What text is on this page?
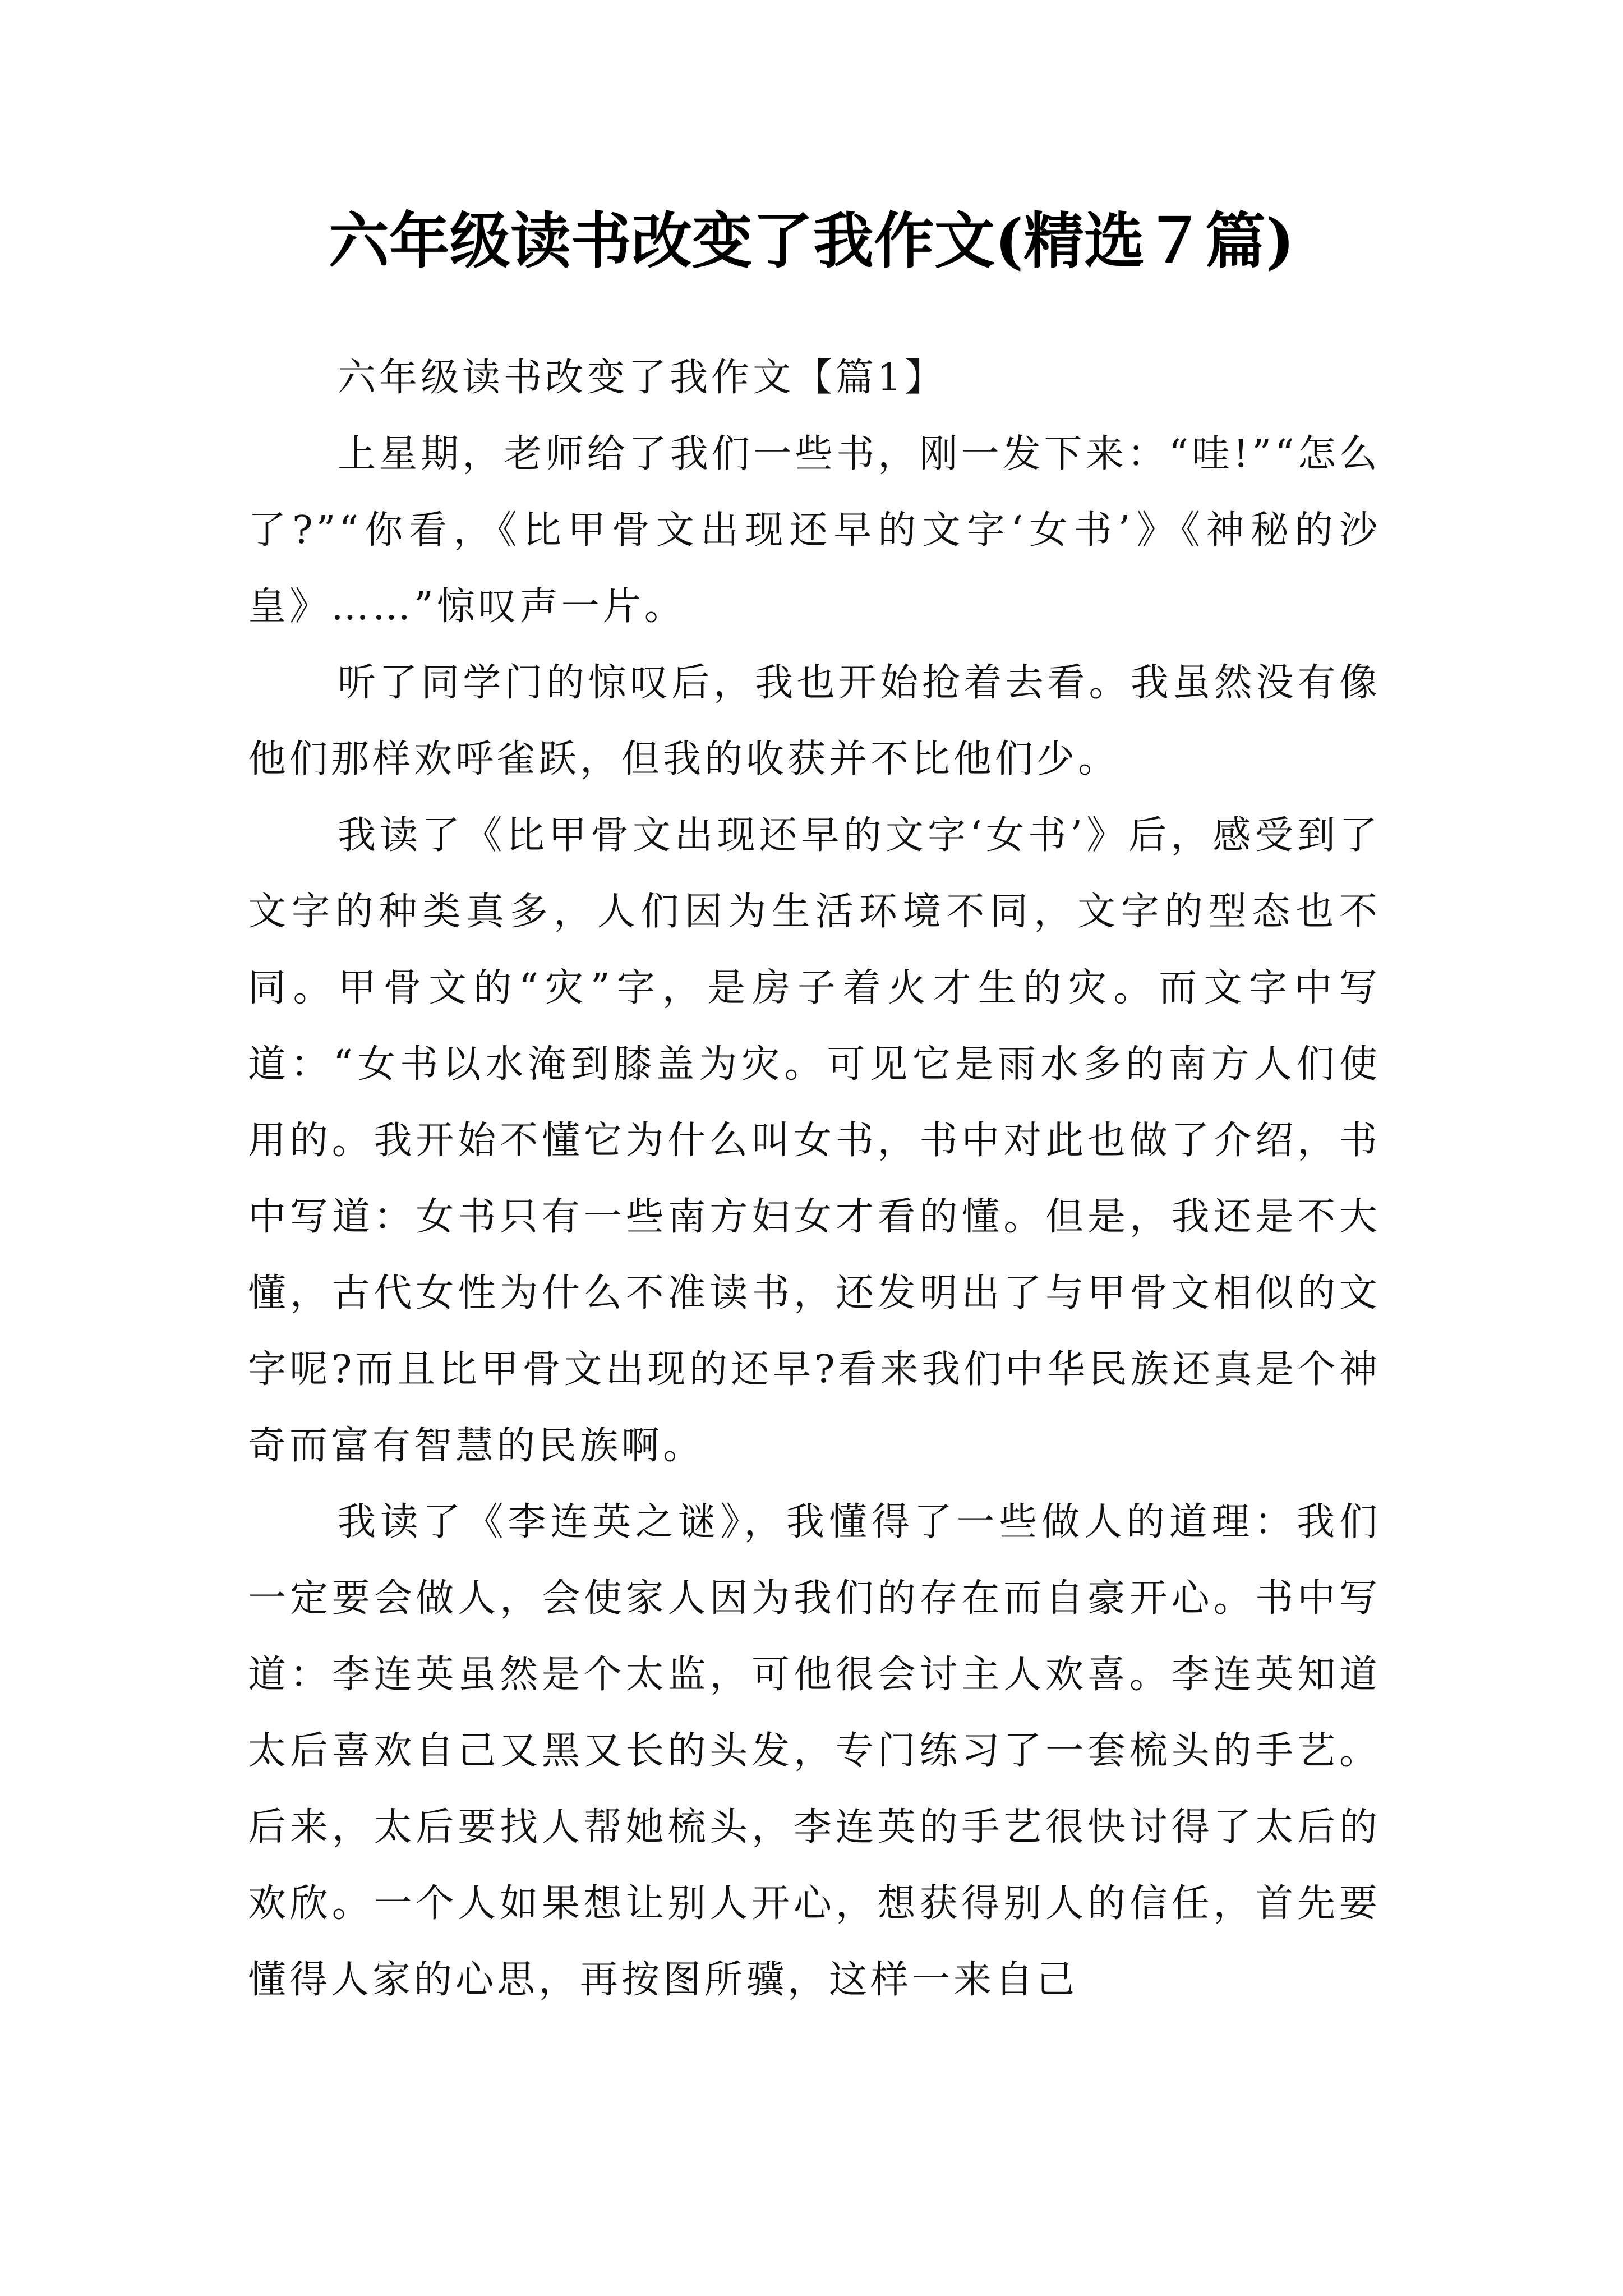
六年级读书改变了我作文(精选７篇)

六年级读书改变了我作文【篇1】

上星期，老师给了我们一些书，刚一发下来：“哇!”“怎么了?”“你看，《比甲骨文出现还早的文字‘女书’》《神秘的沙皇》……”惊叹声一片。

听了同学门的惊叹后，我也开始抢着去看。我虽然没有像他们那样欢呼雀跃，但我的收获并不比他们少。

我读了《比甲骨文出现还早的文字‘女书’》后，感受到了文字的种类真多，人们因为生活环境不同，文字的型态也不同。甲骨文的“灾”字，是房子着火才生的灾。而文字中写道：“女书以水淹到膝盖为灾。可见它是雨水多的南方人们使用的。我开始不懂它为什么叫女书，书中对此也做了介绍，书中写道：女书只有一些南方妇女才看的懂。但是，我还是不大懂，古代女性为什么不准读书，还发明出了与甲骨文相似的文字呢?而且比甲骨文出现的还早?看来我们中华民族还真是个神奇而富有智慧的民族啊。

我读了《李连英之谜》，我懂得了一些做人的道理：我们一定要会做人，会使家人因为我们的存在而自豪开心。书中写道：李连英虽然是个太监，可他很会讨主人欢喜。李连英知道太后喜欢自己又黑又长的头发，专门练习了一套梳头的手艺。后来，太后要找人帮她梳头，李连英的手艺很快讨得了太后的欢欣。一个人如果想让别人开心，想获得别人的信任，首先要懂得人家的心思，再按图所骥，这样一来自己
